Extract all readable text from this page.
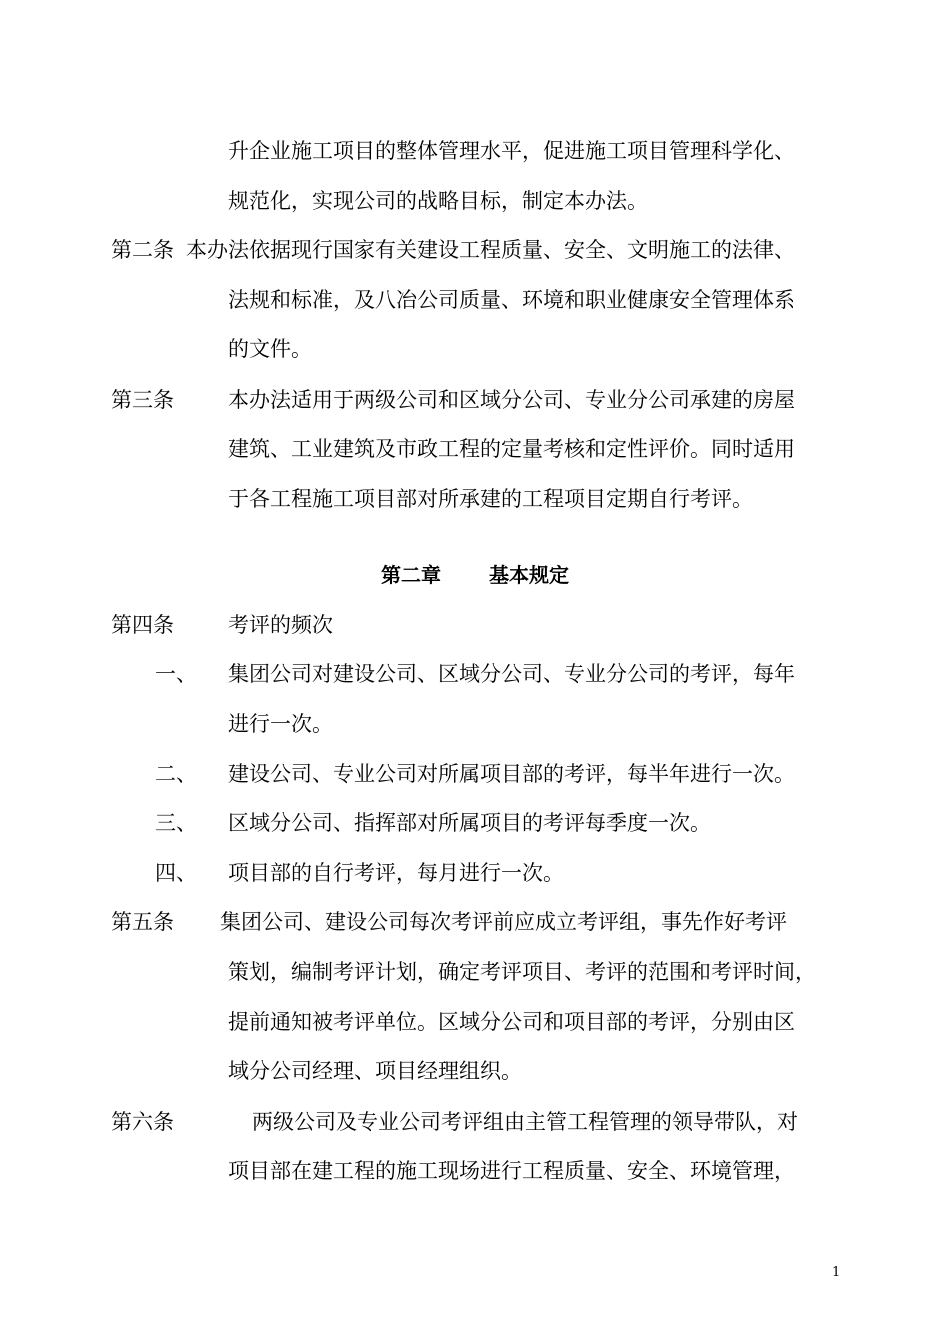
升企业施工项目的整体管理水平，促进施工项目管理科学化、
规范化，实现公司的战略目标，制定本办法。
第二条 本办法依据现行国家有关建设工程质量、安全、文明施工的法律、
法规和标准，及八冶公司质量、环境和职业健康安全管理体系
的文件。
第三条	本办法适用于两级公司和区域分公司、专业分公司承建的房屋
建筑、工业建筑及市政工程的定量考核和定性评价。同时适用
于各工程施工项目部对所承建的工程项目定期自行考评。
第二章 基本规定
第四条	考评的频次
一、 集团公司对建设公司、区域分公司、专业分公司的考评，每年
进行一次。
二、 建设公司、专业公司对所属项目部的考评，每半年进行一次。
三、 区域分公司、指挥部对所属项目的考评每季度一次。
四、 项目部的自行考评，每月进行一次。
第五条 集团公司、建设公司每次考评前应成立考评组，事先作好考评
策划，编制考评计划，确定考评项目、考评的范围和考评时间，
提前通知被考评单位。区域分公司和项目部的考评，分别由区
域分公司经理、项目经理组织。
第六条	两级公司及专业公司考评组由主管工程管理的领导带队，对
项目部在建工程的施工现场进行工程质量、安全、环境管理，
1
